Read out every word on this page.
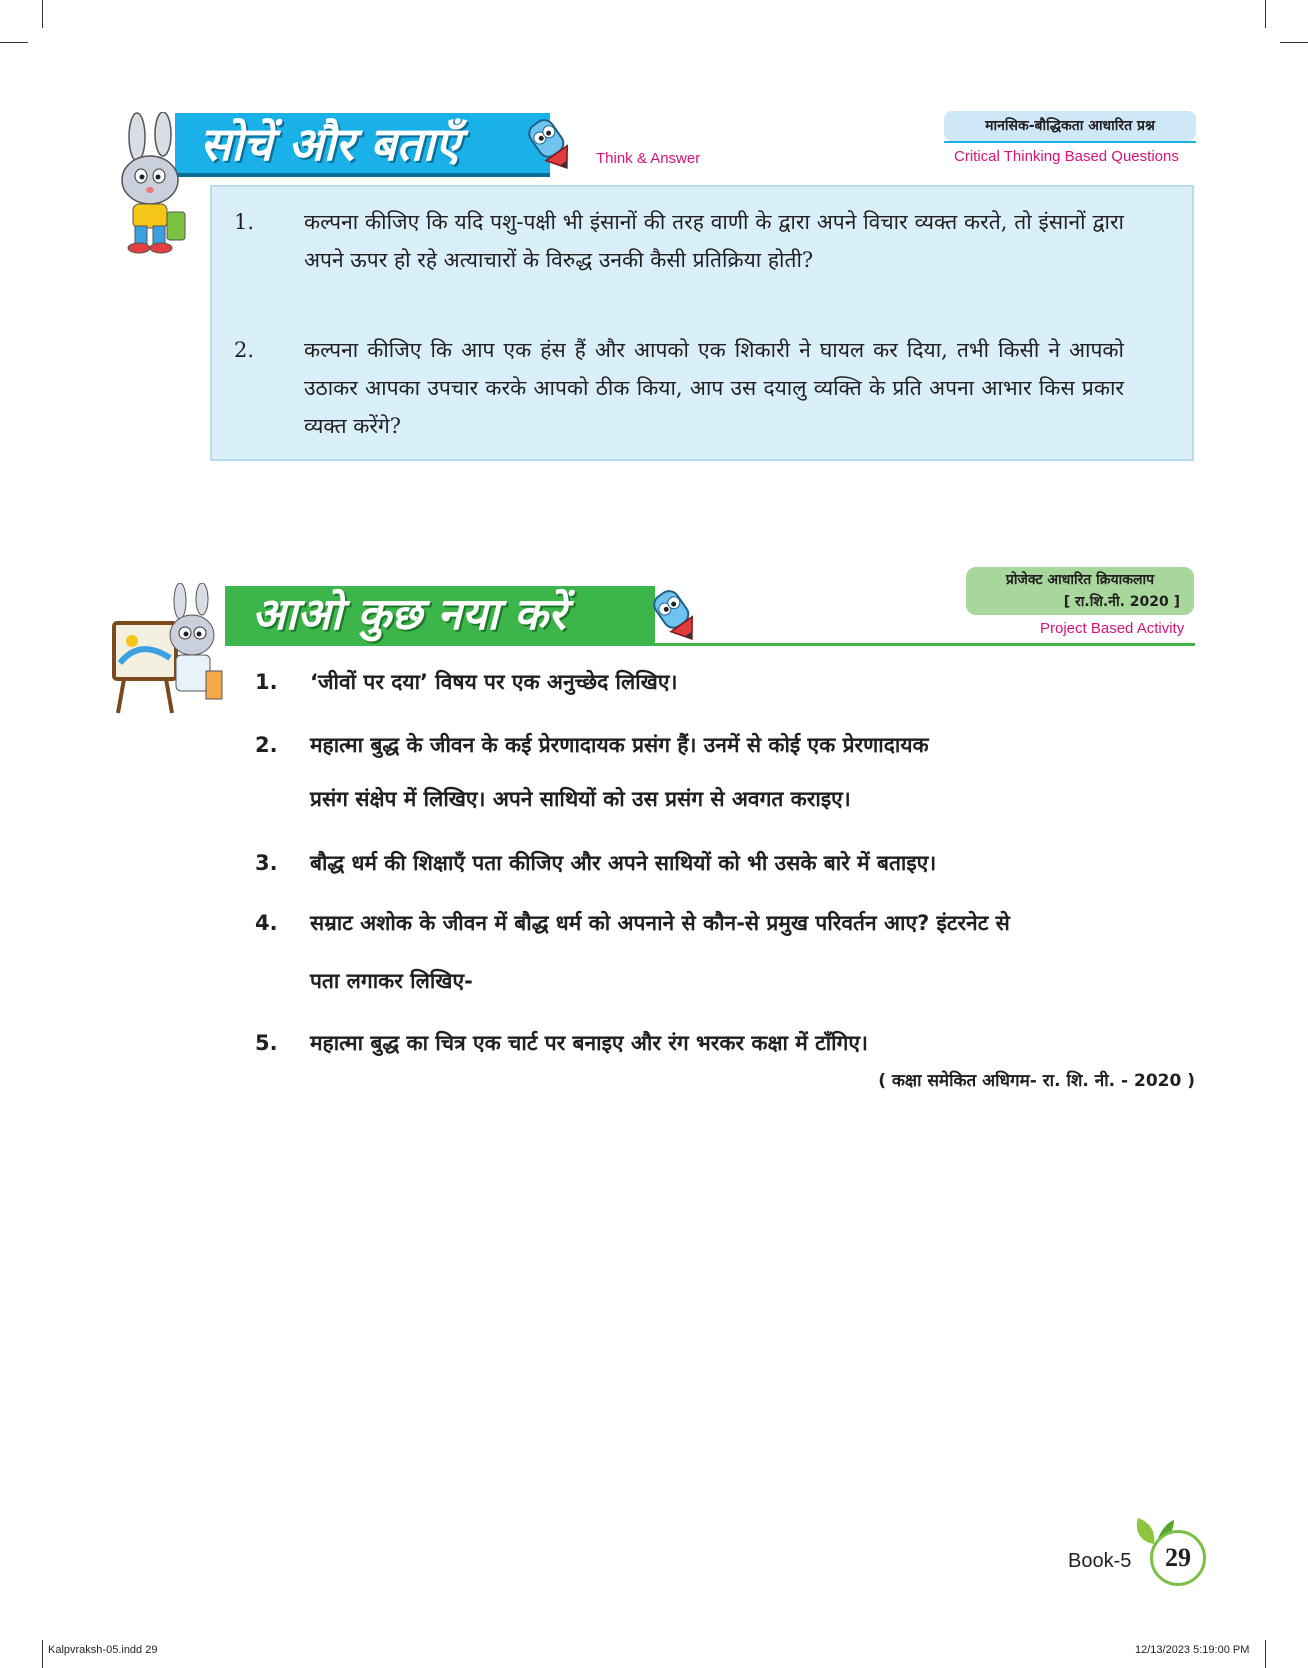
सोचें और बताएँ	Think & Answer
मानसिक-बौद्धिकता आधारित प्रश्न
Critical Thinking Based Questions
1.	कल्पना कीजिए कि यदि पशु-पक्षी भी इंसानों की तरह वाणी के द्वारा अपने विचार व्यक्त करते, तो इंसानों द्वारा अपने ऊपर हो रहे अत्याचारों के विरुद्ध उनकी कैसी प्रतिक्रिया होती?
2.	कल्पना कीजिए कि आप एक हंस हैं और आपको एक शिकारी ने घायल कर दिया, तभी किसी ने आपको उठाकर आपका उपचार करके आपको ठीक किया, आप उस दयालु व्यक्ति के प्रति अपना आभार किस प्रकार व्यक्त करेंगे?
आओ कुछ नया करें
प्रोजेक्ट आधारित क्रियाकलाप
[ रा.शि.नी. 2020 ]
Project Based Activity
1.	‘जीवों पर दया’ विषय पर एक अनुच्छेद लिखिए।
2.	महात्मा बुद्ध के जीवन के कई प्रेरणादायक प्रसंग हैं। उनमें से कोई एक प्रेरणादायक
प्रसंग संक्षेप में लिखिए। अपने साथियों को उस प्रसंग से अवगत कराइए।
3.	बौद्ध धर्म की शिक्षाएँ पता कीजिए और अपने साथियों को भी उसके बारे में बताइए।
4.	सम्राट अशोक के जीवन में बौद्ध धर्म को अपनाने से कौन-से प्रमुख परिवर्तन आए? इंटरनेट से
पता लगाकर लिखिए-
5.	महात्मा बुद्ध का चित्र एक चार्ट पर बनाइए और रंग भरकर कक्षा में टाँगिए।
( कक्षा समेकित अधिगम- रा. शि. नी. - 2020 )
Book-5	29
Kalpvraksh-05.indd 29	12/13/2023 5:19:00 PM
